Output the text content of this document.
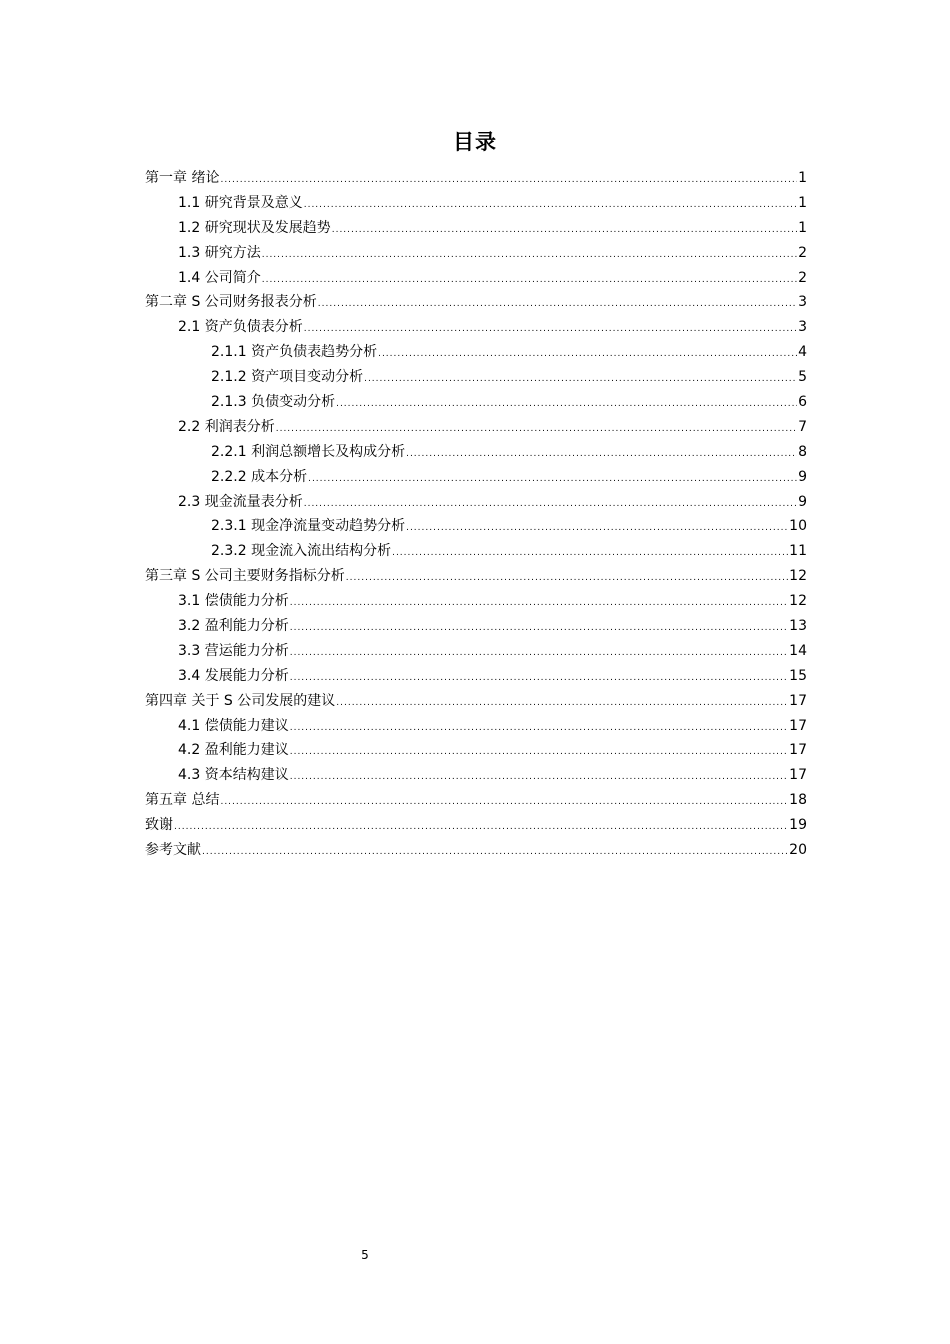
目录
第一章 绪论 .....	1
1.1 研究背景及意义 .....	1
1.2 研究现状及发展趋势 .....	1
1.3 研究方法 .....	2
1.4 公司简介 .....	2
第二章 S 公司财务报表分析 .....	3
2.1 资产负债表分析 .....	3
2.1.1 资产负债表趋势分析 .....	4
2.1.2 资产项目变动分析 .....	5
2.1.3 负债变动分析 .....	6
2.2 利润表分析 .....	7
2.2.1 利润总额增长及构成分析 .....	8
2.2.2 成本分析 .....	9
2.3 现金流量表分析 .....	9
2.3.1 现金净流量变动趋势分析 .....	10
2.3.2 现金流入流出结构分析 .....	11
第三章 S 公司主要财务指标分析 .....	12
3.1 偿债能力分析 .....	12
3.2 盈利能力分析 .....	13
3.3 营运能力分析 .....	14
3.4 发展能力分析 .....	15
第四章 关于 S 公司发展的建议 .....	17
4.1 偿债能力建议 .....	17
4.2 盈利能力建议 .....	17
4.3 资本结构建议 .....	17
第五章 总结 .....	18
致谢 .....	19
参考文献 .....	20
5
